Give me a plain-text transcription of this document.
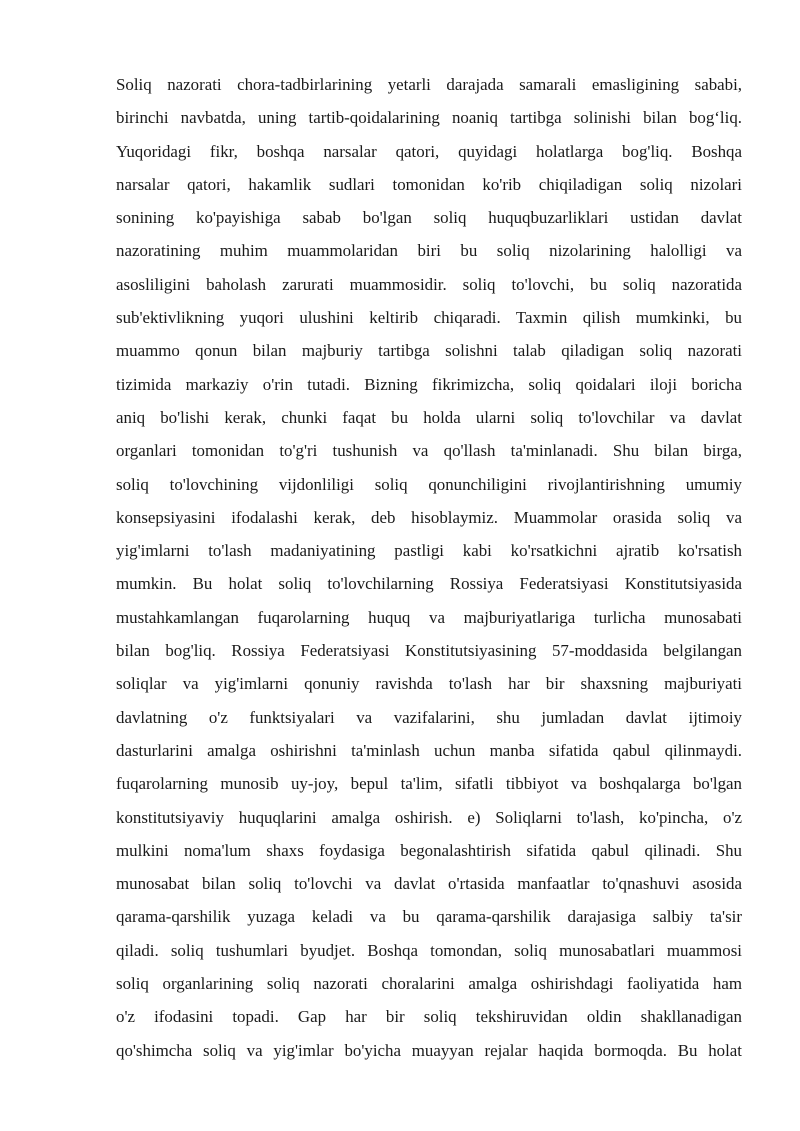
Soliq nazorati chora-tadbirlarining yetarli darajada samarali emasligining sababi,
birinchi navbatda, uning tartib-qoidalarining noaniq tartibga solinishi bilan bog‘liq.
Yuqoridagi fikr, boshqa narsalar qatori, quyidagi holatlarga bog'liq. Boshqa
narsalar qatori, hakamlik sudlari tomonidan ko'rib chiqiladigan soliq nizolari
sonining ko'payishiga sabab bo'lgan soliq huquqbuzarliklari ustidan davlat
nazoratining muhim muammolaridan biri bu soliq nizolarining halolligi va
asosliligini baholash zarurati muammosidir. soliq to'lovchi, bu soliq nazoratida
sub'ektivlikning yuqori ulushini keltirib chiqaradi. Taxmin qilish mumkinki, bu
muammo qonun bilan majburiy tartibga solishni talab qiladigan soliq nazorati
tizimida markaziy o'rin tutadi. Bizning fikrimizcha, soliq qoidalari iloji boricha
aniq bo'lishi kerak, chunki faqat bu holda ularni soliq to'lovchilar va davlat
organlari tomonidan to'g'ri tushunish va qo'llash ta'minlanadi. Shu bilan birga,
soliq to'lovchining vijdonliligi soliq qonunchiligini rivojlantirishning umumiy
konsepsiyasini ifodalashi kerak, deb hisoblaymiz. Muammolar orasida soliq va
yig'imlarni to'lash madaniyatining pastligi kabi ko'rsatkichni ajratib ko'rsatish
mumkin. Bu holat soliq to'lovchilarning Rossiya Federatsiyasi Konstitutsiyasida
mustahkamlangan fuqarolarning huquq va majburiyatlariga turlicha munosabati
bilan bog'liq. Rossiya Federatsiyasi Konstitutsiyasining 57-moddasida belgilangan
soliqlar va yig'imlarni qonuniy ravishda to'lash har bir shaxsning majburiyati
davlatning o'z funktsiyalari va vazifalarini, shu jumladan davlat ijtimoiy
dasturlarini amalga oshirishni ta'minlash uchun manba sifatida qabul qilinmaydi.
fuqarolarning munosib uy-joy, bepul ta'lim, sifatli tibbiyot va boshqalarga bo'lgan
konstitutsiyaviy huquqlarini amalga oshirish. e) Soliqlarni to'lash, ko'pincha, o'z
mulkini noma'lum shaxs foydasiga begonalashtirish sifatida qabul qilinadi. Shu
munosabat bilan soliq to'lovchi va davlat o'rtasida manfaatlar to'qnashuvi asosida
qarama-qarshilik yuzaga keladi va bu qarama-qarshilik darajasiga salbiy ta'sir
qiladi. soliq tushumlari byudjet. Boshqa tomondan, soliq munosabatlari muammosi
soliq organlarining soliq nazorati choralarini amalga oshirishdagi faoliyatida ham
o'z ifodasini topadi. Gap har bir soliq tekshiruvidan oldin shakllanadigan
qo'shimcha soliq va yig'imlar bo'yicha muayyan rejalar haqida bormoqda. Bu holat
